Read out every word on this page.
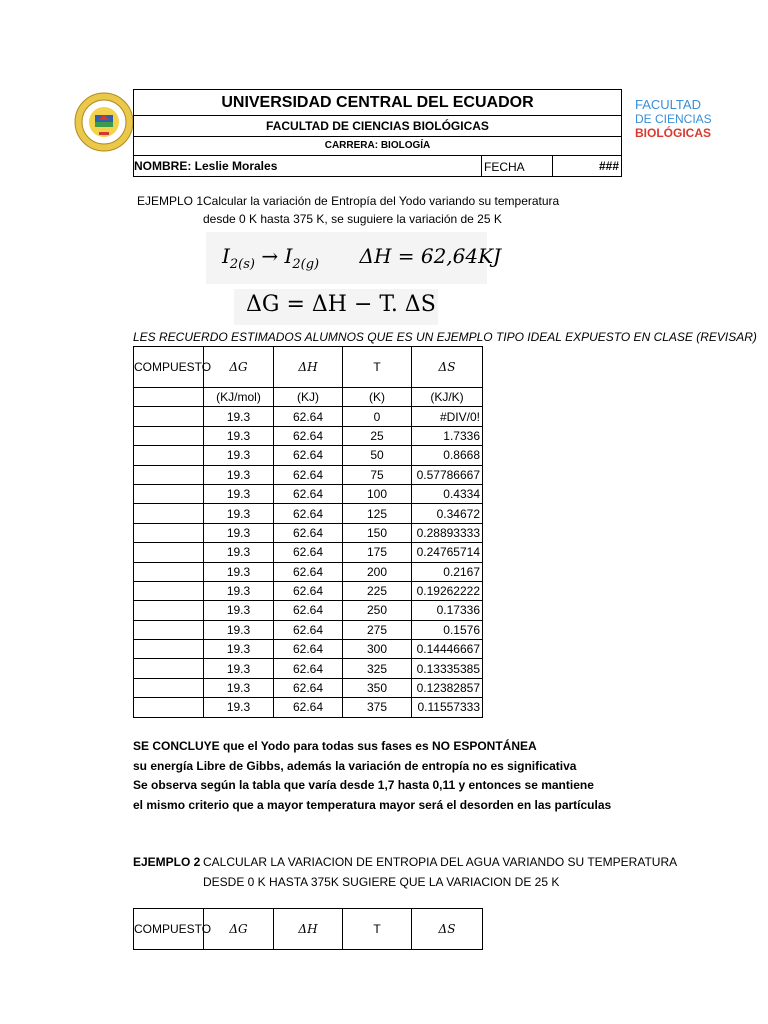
FACULTAD
DE CIENCIAS
BIOLÓGICAS
UNIVERSIDAD CENTRAL DEL ECUADOR
FACULTAD DE CIENCIAS BIOLÓGICAS
CARRERA: BIOLOGÍA
NOMBRE: Leslie Morales	FECHA	###
EJEMPLO 1 Calcular la variación de Entropía del Yodo variando su temperatura
desde 0 K hasta 375 K, se suguiere la variación de 25 K
$I_{2(s)} \to I_{2(g)}$ ΔH = 62,64KJ
ΔG = ΔH − T. ΔS
LES RECUERDO ESTIMADOS ALUMNOS QUE ES UN EJEMPLO TIPO IDEAL EXPUESTO EN CLASE (REVISAR)
COMPUESTO	ΔG	ΔH	T	ΔS
	(KJ/mol)	(KJ)	(K)	(KJ/K)
	19.3	62.64	0	#DIV/0!
	19.3	62.64	25	1.7336
	19.3	62.64	50	0.8668
	19.3	62.64	75	0.57786667
	19.3	62.64	100	0.4334
	19.3	62.64	125	0.34672
	19.3	62.64	150	0.28893333
	19.3	62.64	175	0.24765714
	19.3	62.64	200	0.2167
	19.3	62.64	225	0.19262222
	19.3	62.64	250	0.17336
	19.3	62.64	275	0.1576
	19.3	62.64	300	0.14446667
	19.3	62.64	325	0.13335385
	19.3	62.64	350	0.12382857
	19.3	62.64	375	0.11557333
SE CONCLUYE que el Yodo para todas sus fases es NO ESPONTÁNEA
su energía Libre de Gibbs, además la variación de entropía no es significativa
Se observa según la tabla que varía desde 1,7 hasta 0,11 y entonces se mantiene
el mismo criterio que a mayor temperatura mayor será el desorden en las partículas
EJEMPLO 2 CALCULAR LA VARIACION DE ENTROPIA DEL AGUA VARIANDO SU TEMPERATURA
DESDE 0 K HASTA 375K SUGIERE QUE LA VARIACION DE 25 K
COMPUESTO	ΔG	ΔH	T	ΔS
